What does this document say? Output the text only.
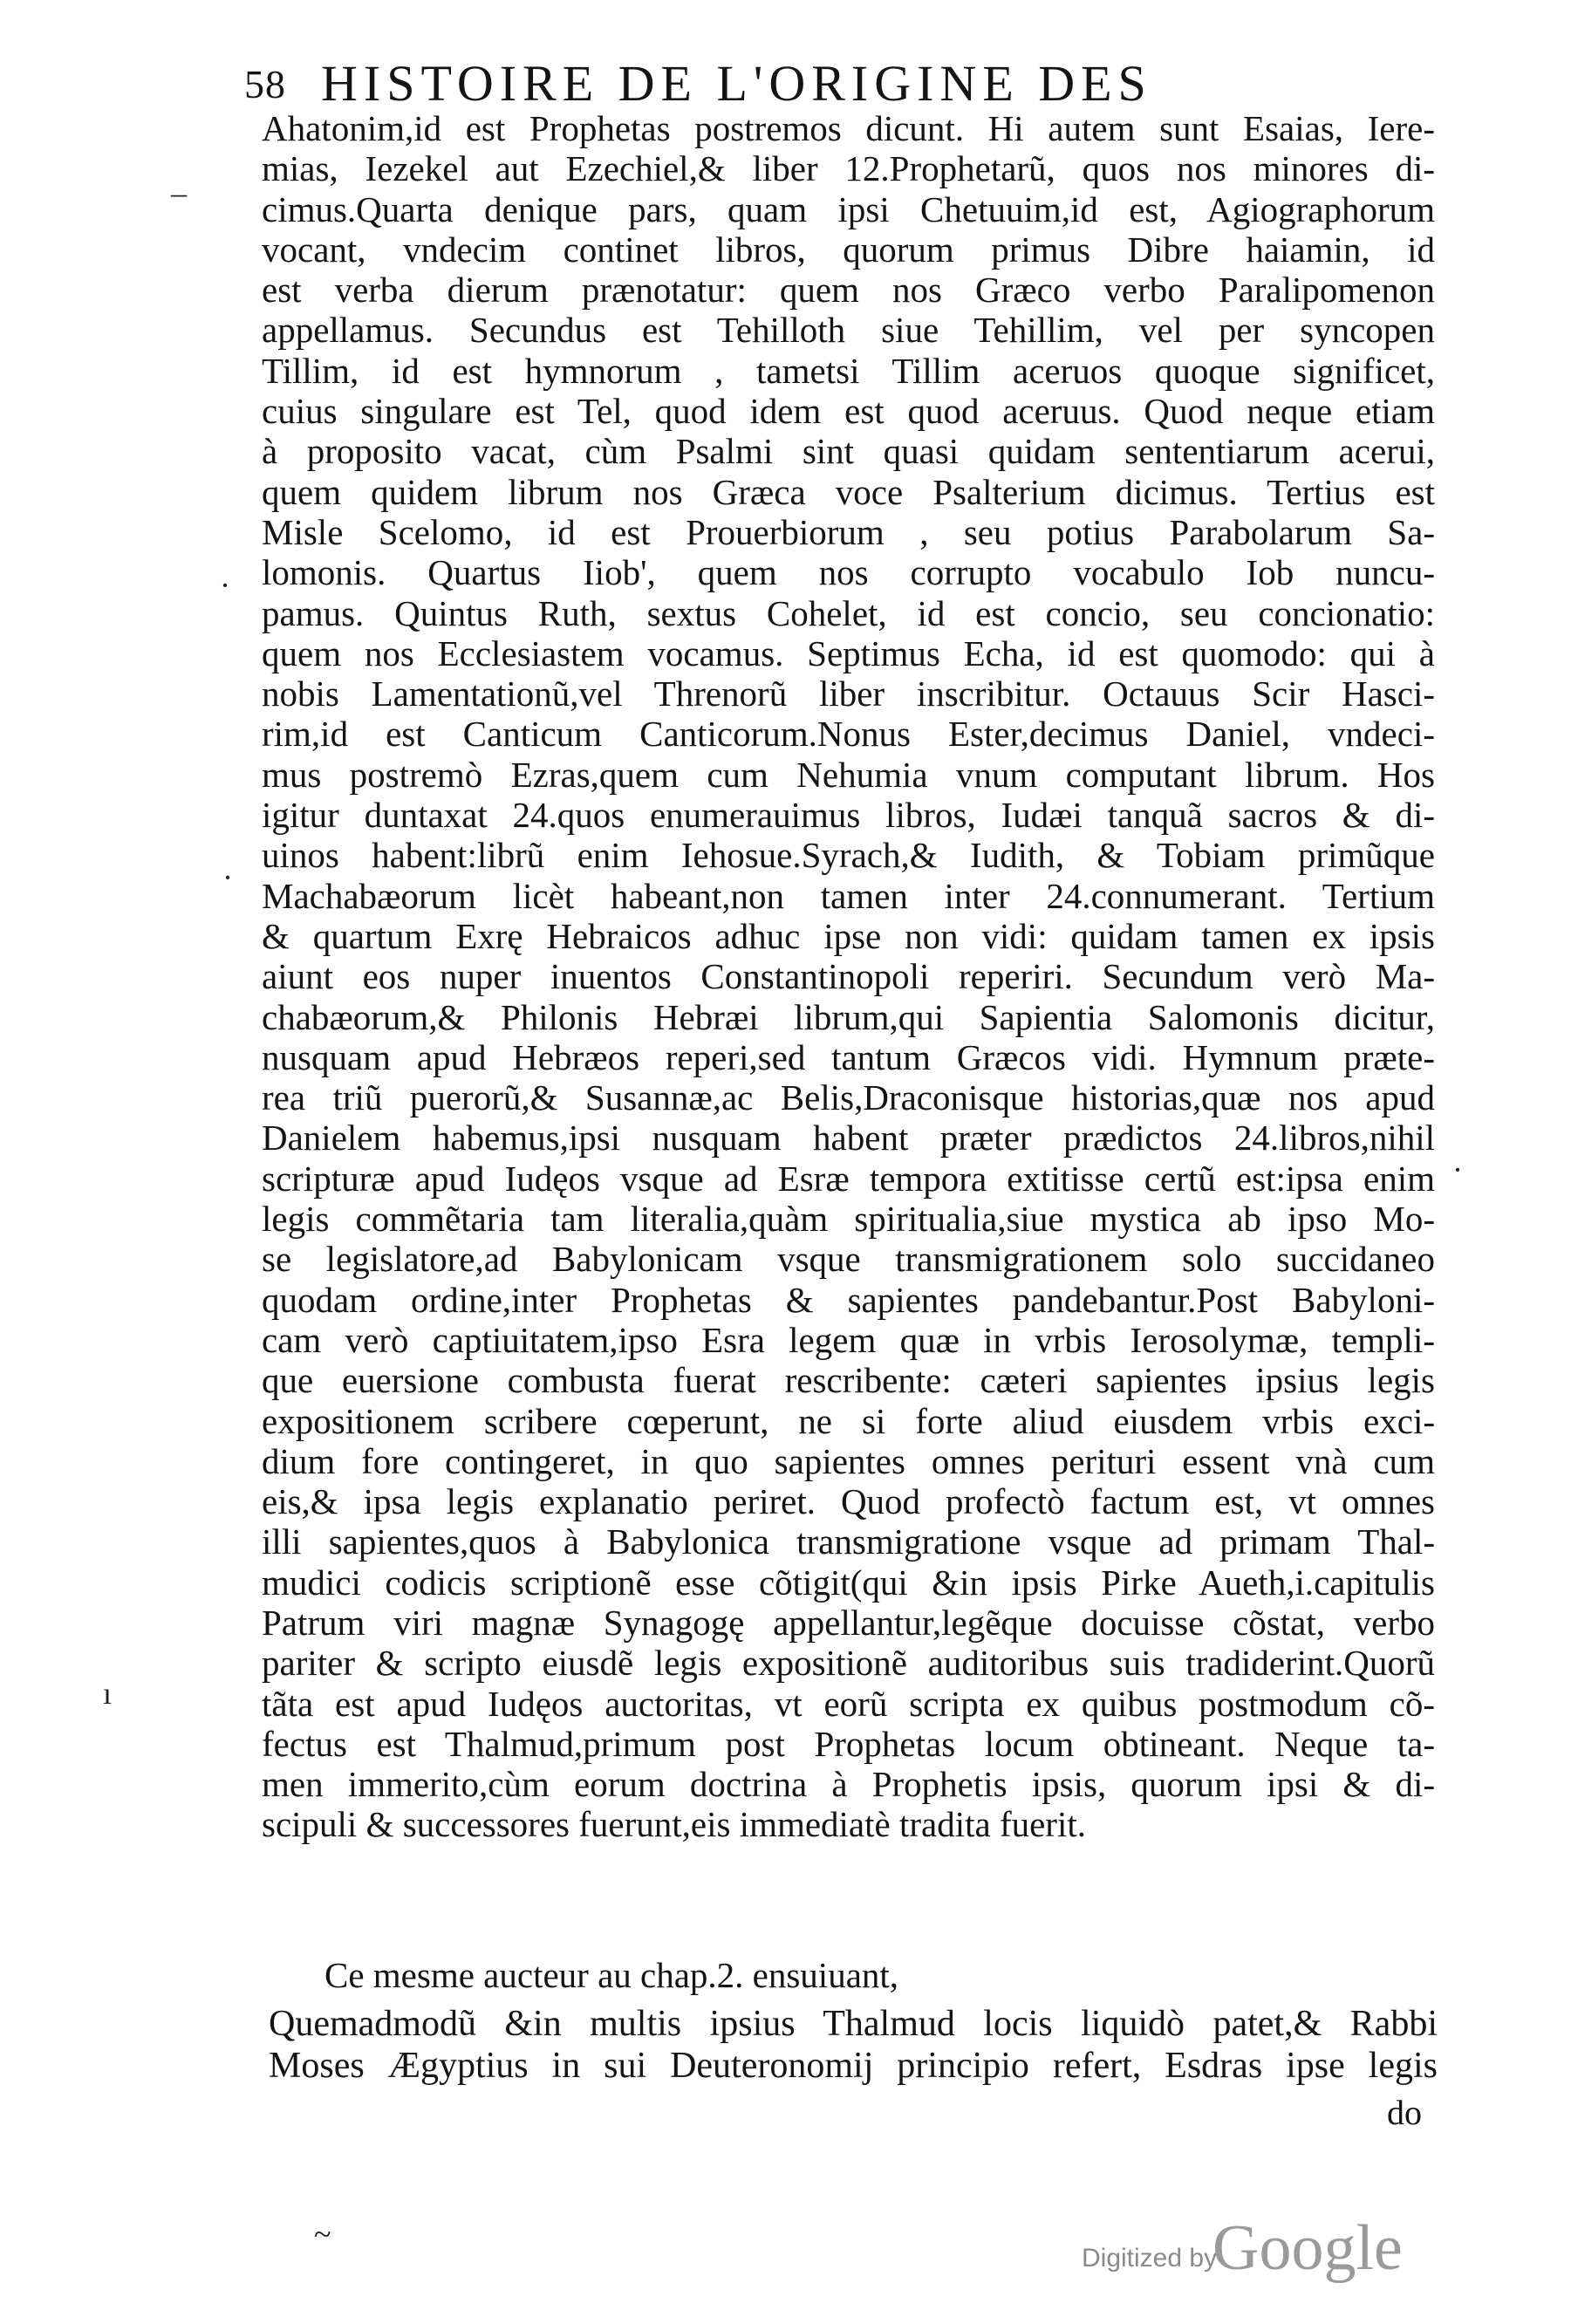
58 HISTOIRE DE L'ORIGINE DES
Ahatonim,id est Prophetas postremos dicunt. Hi autem sunt Esaias, Iere-
mias, Iezekel aut Ezechiel,& liber 12.Prophetarũ, quos nos minores di-
cimus.Quarta denique pars, quam ipsi Chetuuim,id est, Agiographorum
vocant, vndecim continet libros, quorum primus Dibre haiamin, id
est verba dierum prænotatur: quem nos Græco verbo Paralipomenon
appellamus. Secundus est Tehilloth siue Tehillim, vel per syncopen
Tillim, id est hymnorum , tametsi Tillim aceruos quoque significet,
cuius singulare est Tel, quod idem est quod aceruus. Quod neque etiam
à proposito vacat, cùm Psalmi sint quasi quidam sententiarum acerui,
quem quidem librum nos Græca voce Psalterium dicimus. Tertius est
Misle Scelomo, id est Prouerbiorum , seu potius Parabolarum Sa-
lomonis. Quartus Iiob', quem nos corrupto vocabulo Iob nuncu-
pamus. Quintus Ruth, sextus Cohelet, id est concio, seu concionatio:
quem nos Ecclesiastem vocamus. Septimus Echa, id est quomodo: qui à
nobis Lamentationũ,vel Threnorũ liber inscribitur. Octauus Scir Hasci-
rim,id est Canticum Canticorum.Nonus Ester,decimus Daniel, vndeci-
mus postremò Ezras,quem cum Nehumia vnum computant librum. Hos
igitur duntaxat 24.quos enumerauimus libros, Iudæi tanquã sacros & di-
uinos habent:librũ enim Iehosue.Syrach,& Iudith, & Tobiam primũque
Machabæorum licèt habeant,non tamen inter 24.connumerant. Tertium
& quartum Exrę Hebraicos adhuc ipse non vidi: quidam tamen ex ipsis
aiunt eos nuper inuentos Constantinopoli reperiri. Secundum verò Ma-
chabæorum,& Philonis Hebræi librum,qui Sapientia Salomonis dicitur,
nusquam apud Hebræos reperi,sed tantum Græcos vidi. Hymnum præte-
rea triũ puerorũ,& Susannæ,ac Belis,Draconisque historias,quæ nos apud
Danielem habemus,ipsi nusquam habent præter prædictos 24.libros,nihil
scripturæ apud Iudęos vsque ad Esræ tempora extitisse certũ est:ipsa enim
legis commẽtaria tam literalia,quàm spiritualia,siue mystica ab ipso Mo-
se legislatore,ad Babylonicam vsque transmigrationem solo succidaneo
quodam ordine,inter Prophetas & sapientes pandebantur.Post Babyloni-
cam verò captiuitatem,ipso Esra legem quæ in vrbis Ierosolymæ, templi-
que euersione combusta fuerat rescribente: cæteri sapientes ipsius legis
expositionem scribere cœperunt, ne si forte aliud eiusdem vrbis exci-
dium fore contingeret, in quo sapientes omnes perituri essent vnà cum
eis,& ipsa legis explanatio periret. Quod profectò factum est, vt omnes
illi sapientes,quos à Babylonica transmigratione vsque ad primam Thal-
mudici codicis scriptionẽ esse cõtigit(qui &in ipsis Pirke Aueth,i.capitulis
Patrum viri magnæ Synagogę appellantur,legẽque docuisse cõstat, verbo
pariter & scripto eiusdẽ legis expositionẽ auditoribus suis tradiderint.Quorũ
tãta est apud Iudęos auctoritas, vt eorũ scripta ex quibus postmodum cõ-
fectus est Thalmud,primum post Prophetas locum obtineant. Neque ta-
men immerito,cùm eorum doctrina à Prophetis ipsis, quorum ipsi & di-
scipuli & successores fuerunt,eis immediatè tradita fuerit.
Ce mesme aucteur au chap.2. ensuiuant,
Quemadmodũ &in multis ipsius Thalmud locis liquidò patet,& Rabbi
Moses Ægyptius in sui Deuteronomij principio refert, Esdras ipse legis
do
–
·
·
·
ı
~
Digitized by
Google
